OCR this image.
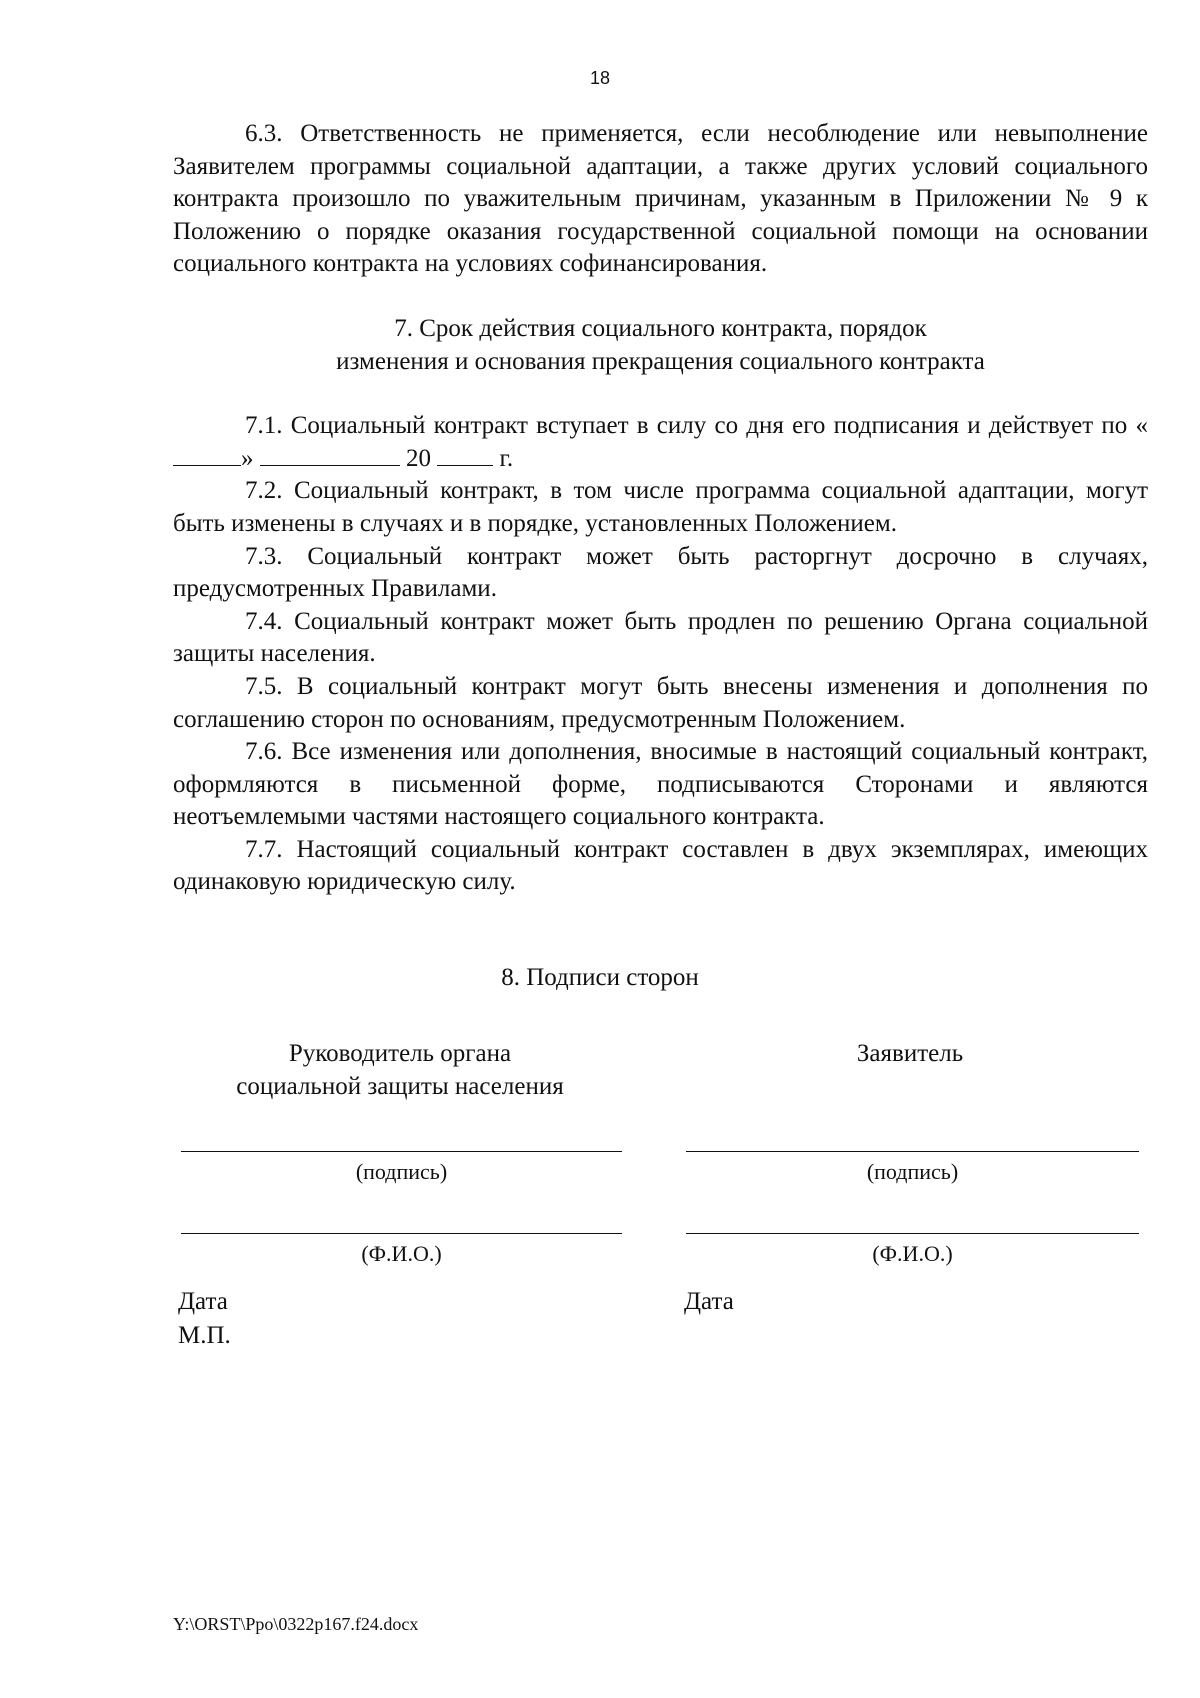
18

6.3. Ответственность не применяется, если несоблюдение или невыполнение Заявителем программы социальной адаптации, а также других условий социального контракта произошло по уважительным причинам, указанным в Приложении № 9 к Положению о порядке оказания государственной социальной помощи на основании социального контракта на условиях софинансирования.

7. Срок действия социального контракта, порядок

изменения и основания прекращения социального контракта

7.1. Социальный контракт вступает в силу со дня его подписания и действует по «»	20	г.

7.2. Социальный контракт, в том числе программа социальной адаптации, могут быть изменены в случаях и в порядке, установленных Положением.

7.3. Социальный контракт может быть расторгнут досрочно в случаях, предусмотренных Правилами.

7.4. Социальный контракт может быть продлен по решению Органа социальной защиты населения.

7.5. В социальный контракт могут быть внесены изменения и дополнения по соглашению сторон по основаниям, предусмотренным Положением.

7.6. Все изменения или дополнения, вносимые в настоящий социальный контракт, оформляются в письменной форме, подписываются Сторонами и являются неотъемлемыми частями настоящего социального контракта.

7.7. Настоящий социальный контракт составлен в двух экземплярах, имеющих одинаковую юридическую силу.

8. Подписи сторон
Руководитель органа
социальной защиты населения
(подпись)
(Ф.И.О.)
Дата
М.П.
Заявитель
(подпись)
(Ф.И.О.)
Дата
Y:\ORST\Ppo\0322p167.f24.docx
